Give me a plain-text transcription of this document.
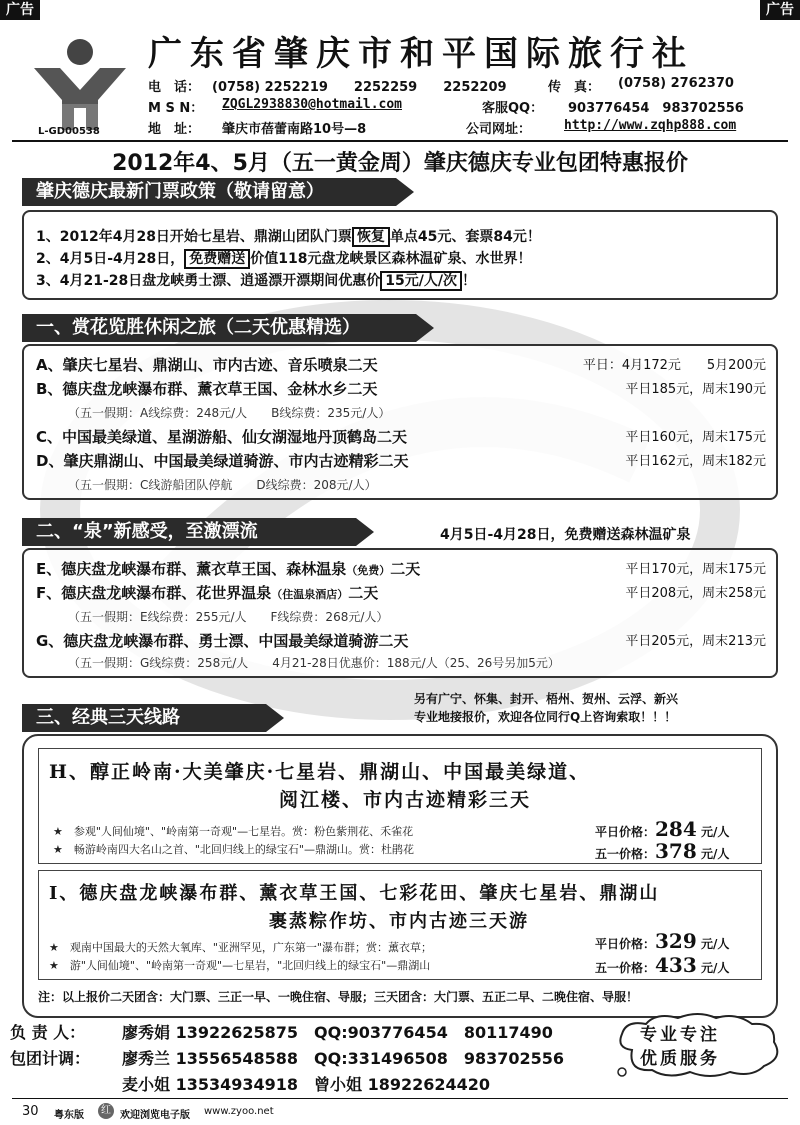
广告	广告
L-GD00538
广东省肇庆市和平国际旅行社
电　话： (0758) 2252219　　2252259　　2252209	传　真： (0758) 2762370
M S N： ZQGL2938830@hotmail.com	客服QQ： 903776454　983702556
地　址： 肇庆市蓓蕾南路10号—8	公司网址：	http://www.zqhp888.com
2012年4、5月（五一黄金周）肇庆德庆专业包团特惠报价
肇庆德庆最新门票政策（敬请留意）
1、2012年4月28日开始七星岩、鼎湖山团队门票 恢复 单点45元、套票84元！
2、4月5日-4月28日， 免费赠送 价值118元盘龙峡景区森林温矿泉、水世界！
3、4月21-28日盘龙峡勇士漂、逍遥漂开漂期间优惠价 15元/人/次 ！
一、赏花览胜休闲之旅（二天优惠精选）
A、肇庆七星岩、鼎湖山、市内古迹、音乐喷泉二天	平日：4月172元　　5月200元
B、德庆盘龙峡瀑布群、薰衣草王国、金林水乡二天	平日185元，周末190元
（五一假期：A线综费：248元/人　　B线综费：235元/人）
C、中国最美绿道、星湖游船、仙女湖湿地丹顶鹤岛二天	平日160元，周末175元
D、肇庆鼎湖山、中国最美绿道骑游、市内古迹精彩二天	平日162元，周末182元
（五一假期：C线游船团队停航　　D线综费：208元/人）
二、“泉”新感受，至激漂流	4月5日-4月28日，免费赠送森林温矿泉
E、德庆盘龙峡瀑布群、薰衣草王国、森林温泉（免费）二天	平日170元，周末175元
F、德庆盘龙峡瀑布群、花世界温泉（住温泉酒店）二天	平日208元，周末258元
（五一假期：E线综费：255元/人　　F线综费：268元/人）
G、德庆盘龙峡瀑布群、勇士漂、中国最美绿道骑游二天	平日205元，周末213元
（五一假期：G线综费：258元/人　　4月21-28日优惠价：188元/人（25、26号另加5元）
另有广宁、怀集、封开、梧州、贺州、云浮、新兴
专业地接报价，欢迎各位同行Q上咨询索取！！！
三、经典三天线路
H、醇正岭南·大美肇庆·七星岩、鼎湖山、中国最美绿道、
阅江楼、市内古迹精彩三天
★　参观"人间仙境"、"岭南第一奇观"—七星岩。赏：粉色紫荆花、禾雀花
★　畅游岭南四大名山之首、"北回归线上的绿宝石"—鼎湖山。赏：杜鹃花
平日价格：284 元/人
五一价格：378 元/人
I、德庆盘龙峡瀑布群、薰衣草王国、七彩花田、肇庆七星岩、鼎湖山
裹蒸粽作坊、市内古迹三天游
★　观南中国最大的天然大氧库、"亚洲罕见，广东第一"瀑布群；赏：薰衣草；
★　游"人间仙境"、"岭南第一奇观"—七星岩，"北回归线上的绿宝石"—鼎湖山
平日价格：329 元/人
五一价格：433 元/人
注：以上报价二天团含：大门票、三正一早、一晚住宿、导服；三天团含：大门票、五正二早、二晚住宿、导服！
负 责 人： 廖秀娟 13922625875　QQ:903776454　80117490
包团计调： 廖秀兰 13556548588　QQ:331496508　983702556
麦小姐 13534934918　曾小姐 18922624420
专业专注
优质服务
30 粤东版	红 欢迎浏览电子版 www.zyoo.net
